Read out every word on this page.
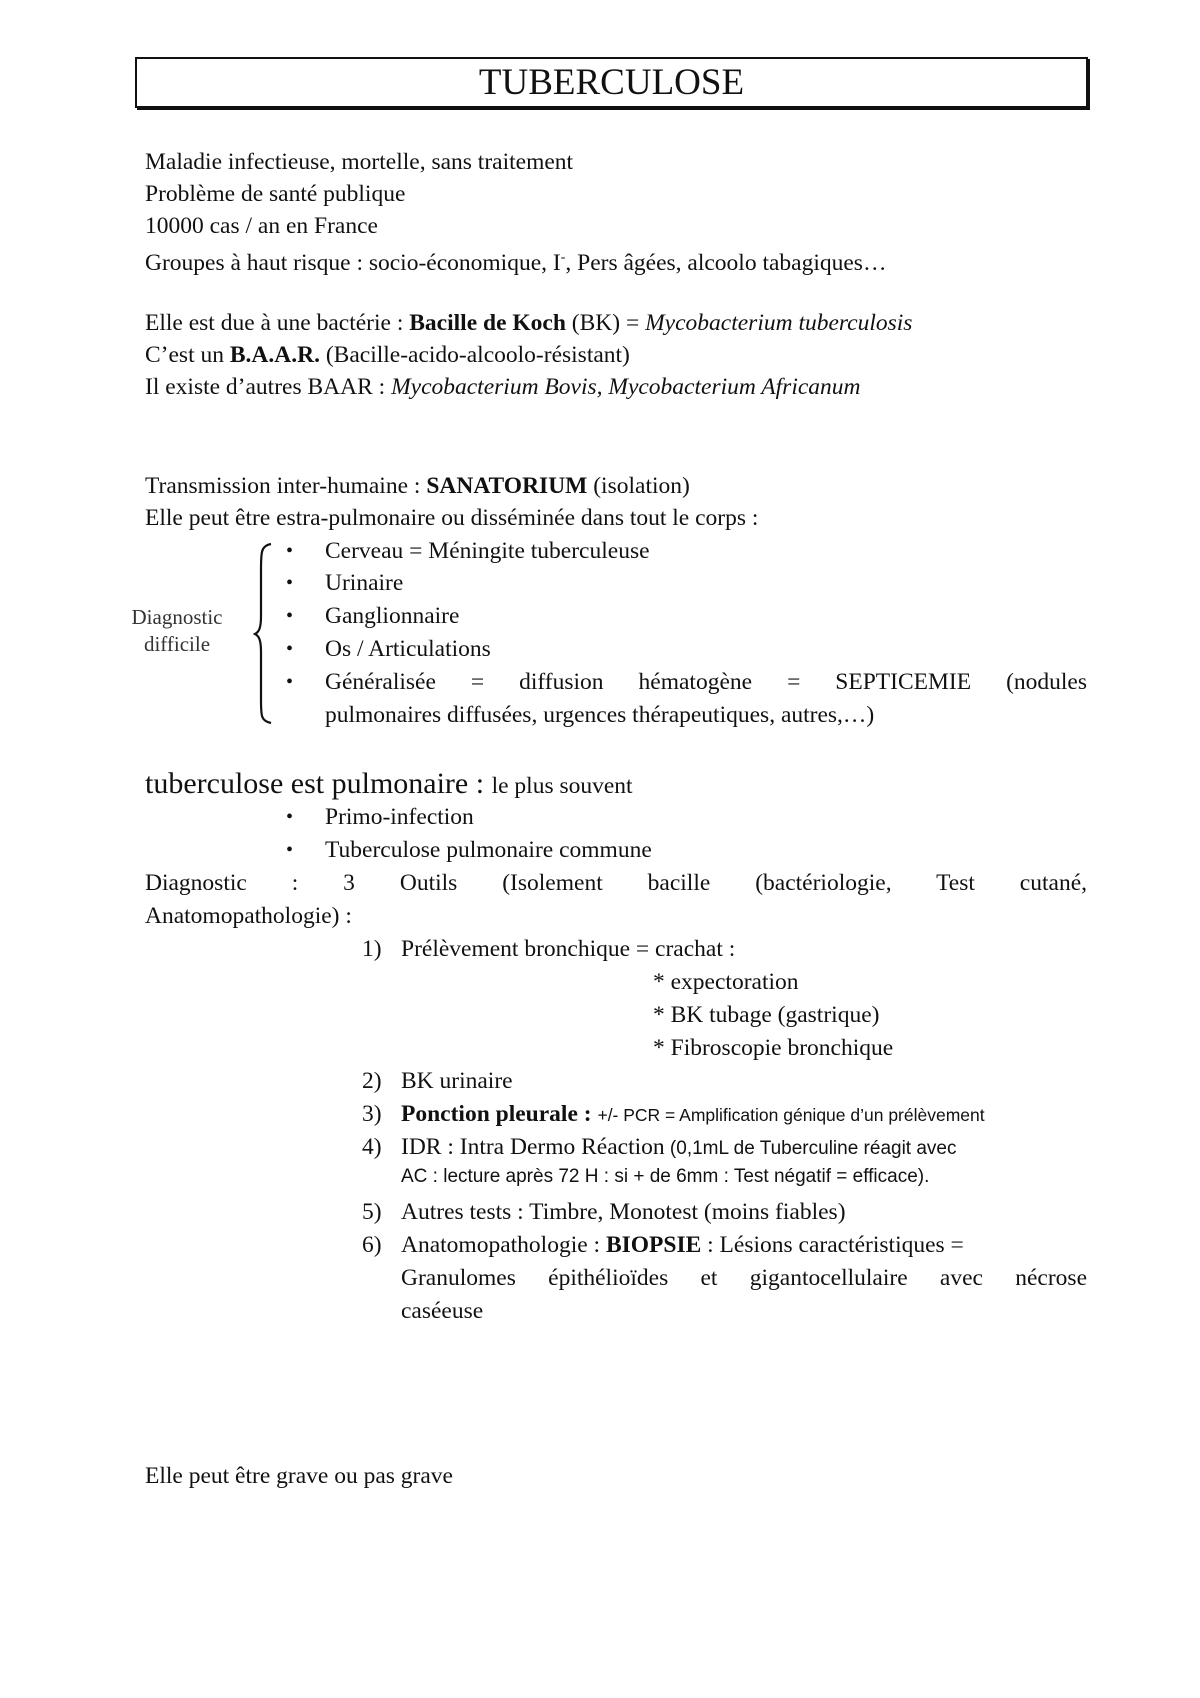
TUBERCULOSE
Maladie infectieuse, mortelle, sans traitement
Problème de santé publique
10000 cas / an en France
Groupes à haut risque : socio-économique, I-, Pers âgées, alcoolo tabagiques…
Elle est due à une bactérie : Bacille de Koch (BK) = Mycobacterium tuberculosis
C’est un B.A.A.R. (Bacille-acido-alcoolo-résistant)
Il existe d’autres BAAR : Mycobacterium Bovis, Mycobacterium Africanum
Transmission inter-humaine : SANATORIUM (isolation)
Elle peut être estra-pulmonaire ou disséminée dans tout le corps :
Diagnostic
difficile
• Cerveau = Méningite tuberculeuse
• Urinaire
• Ganglionnaire
• Os / Articulations
• Généralisée = diffusion hématogène = SEPTICEMIE (nodules
pulmonaires diffusées, urgences thérapeutiques, autres,…)
tuberculose est pulmonaire : le plus souvent
• Primo-infection
• Tuberculose pulmonaire commune
Diagnostic : 3 Outils (Isolement bacille (bactériologie, Test cutané,
Anatomopathologie) :
1) Prélèvement bronchique = crachat :
* expectoration
* BK tubage (gastrique)
* Fibroscopie bronchique
2) BK urinaire
3) Ponction pleurale : +/- PCR = Amplification génique d’un prélèvement
4) IDR : Intra Dermo Réaction (0,1mL de Tuberculine réagit avec
AC : lecture après 72 H : si + de 6mm : Test négatif = efficace).
5) Autres tests : Timbre, Monotest (moins fiables)
6) Anatomopathologie : BIOPSIE : Lésions caractéristiques =
Granulomes épithélioïdes et gigantocellulaire avec nécrose
caséeuse
Elle peut être grave ou pas grave
